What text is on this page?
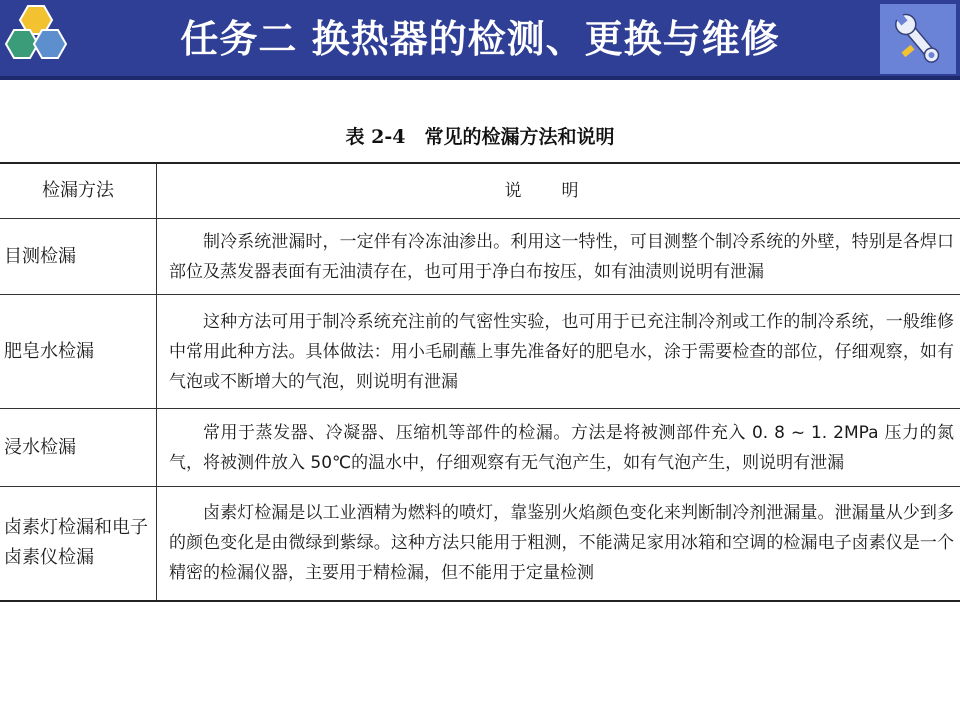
任务二 换热器的检测、更换与维修
表 2-4　常见的检漏方法和说明
检漏方法	说明
目测检漏	制冷系统泄漏时，一定伴有冷冻油渗出。利用这一特性，可目测整个制冷系统的外壁，特别是各焊口部位及蒸发器表面有无油渍存在，也可用于净白布按压，如有油渍则说明有泄漏
肥皂水检漏	这种方法可用于制冷系统充注前的气密性实验，也可用于已充注制冷剂或工作的制冷系统，一般维修中常用此种方法。具体做法：用小毛刷蘸上事先准备好的肥皂水，涂于需要检查的部位，仔细观察，如有气泡或不断增大的气泡，则说明有泄漏
浸水检漏	常用于蒸发器、冷凝器、压缩机等部件的检漏。方法是将被测部件充入 0. 8 ~ 1. 2MPa 压力的氮气，将被测件放入 50℃的温水中，仔细观察有无气泡产生，如有气泡产生，则说明有泄漏
卤素灯检漏和电子卤素仪检漏	卤素灯检漏是以工业酒精为燃料的喷灯，靠鉴别火焰颜色变化来判断制冷剂泄漏量。泄漏量从少到多的颜色变化是由微绿到紫绿。这种方法只能用于粗测，不能满足家用冰箱和空调的检漏电子卤素仪是一个精密的检漏仪器，主要用于精检漏，但不能用于定量检测
